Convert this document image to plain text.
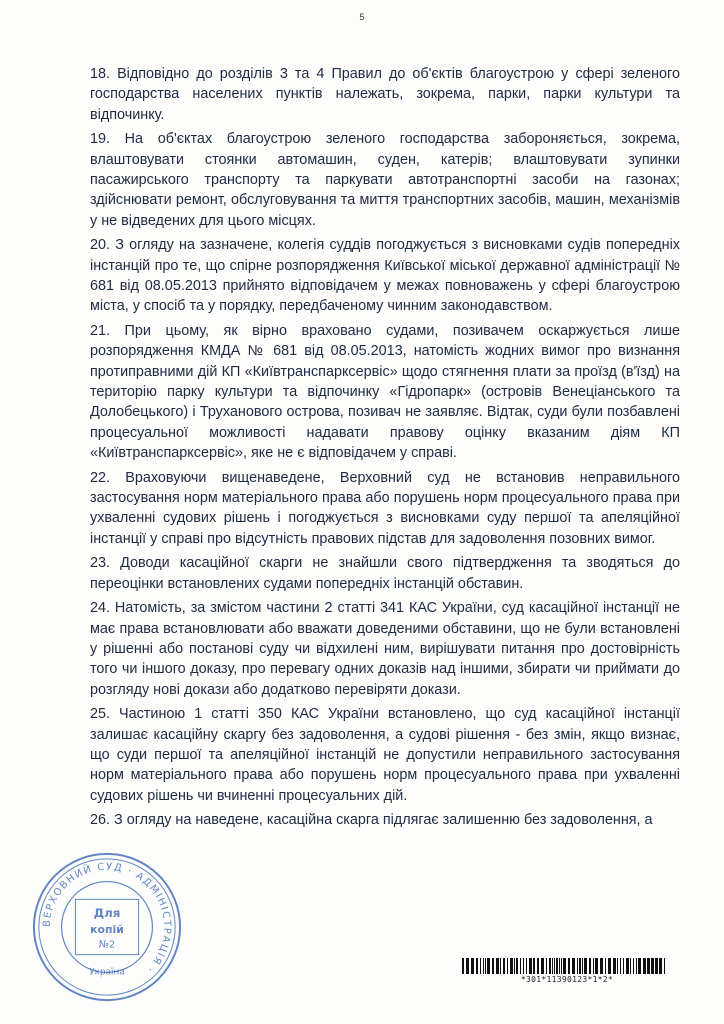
5

18. Відповідно до розділів 3 та 4 Правил до об'єктів благоустрою у сфері зеленого господарства населених пунктів належать, зокрема, парки, парки культури та відпочинку.

19. На об'єктах благоустрою зеленого господарства забороняється, зокрема, влаштовувати стоянки автомашин, суден, катерів; влаштовувати зупинки пасажирського транспорту та паркувати автотранспортні засоби на газонах; здійснювати ремонт, обслуговування та миття транспортних засобів, машин, механізмів у не відведених для цього місцях.

20. З огляду на зазначене, колегія суддів погоджується з висновками судів попередніх інстанцій про те, що спірне розпорядження Київської міської державної адміністрації № 681 від 08.05.2013 прийнято відповідачем у межах повноважень у сфері благоустрою міста, у спосіб та у порядку, передбаченому чинним законодавством.

21. При цьому, як вірно враховано судами, позивачем оскаржується лише розпорядження КМДА № 681 від 08.05.2013, натомість жодних вимог про визнання протиправними дій КП «Київтранспарксервіс» щодо стягнення плати за проїзд (в'їзд) на територію парку культури та відпочинку «Гідропарк» (островів Венеціанського та Долобецького) і Труханового острова, позивач не заявляє. Відтак, суди були позбавлені процесуальної можливості надавати правову оцінку вказаним діям КП «Київтранспарксервіс», яке не є відповідачем у справі.

22. Враховуючи вищенаведене, Верховний суд не встановив неправильного застосування норм матеріального права або порушень норм процесуального права при ухваленні судових рішень і погоджується з висновками суду першої та апеляційної інстанції у справі про відсутність правових підстав для задоволення позовних вимог.

23. Доводи касаційної скарги не знайшли свого підтвердження та зводяться до переоцінки встановлених судами попередніх інстанцій обставин.

24. Натомість, за змістом частини 2 статті 341 КАС України, суд касаційної інстанції не має права встановлювати або вважати доведеними обставини, що не були встановлені у рішенні або постанові суду чи відхилені ним, вирішувати питання про достовірність того чи іншого доказу, про перевагу одних доказів над іншими, збирати чи приймати до розгляду нові докази або додатково перевіряти докази.

25. Частиною 1 статті 350 КАС України встановлено, що суд касаційної інстанції залишає касаційну скаргу без задоволення, а судові рішення - без змін, якщо визнає, що суди першої та апеляційної інстанцій не допустили неправильного застосування норм матеріального права або порушень норм процесуального права при ухваленні судових рішень чи вчиненні процесуальних дій.

26. З огляду на наведене, касаційна скарга підлягає залишенню без задоволення, а

ВЕРХОВНИЙ СУД · АДМІНІСТРАЦІЯ ·
Україна
Для
копій
№2
*301*11390123*1*2*
